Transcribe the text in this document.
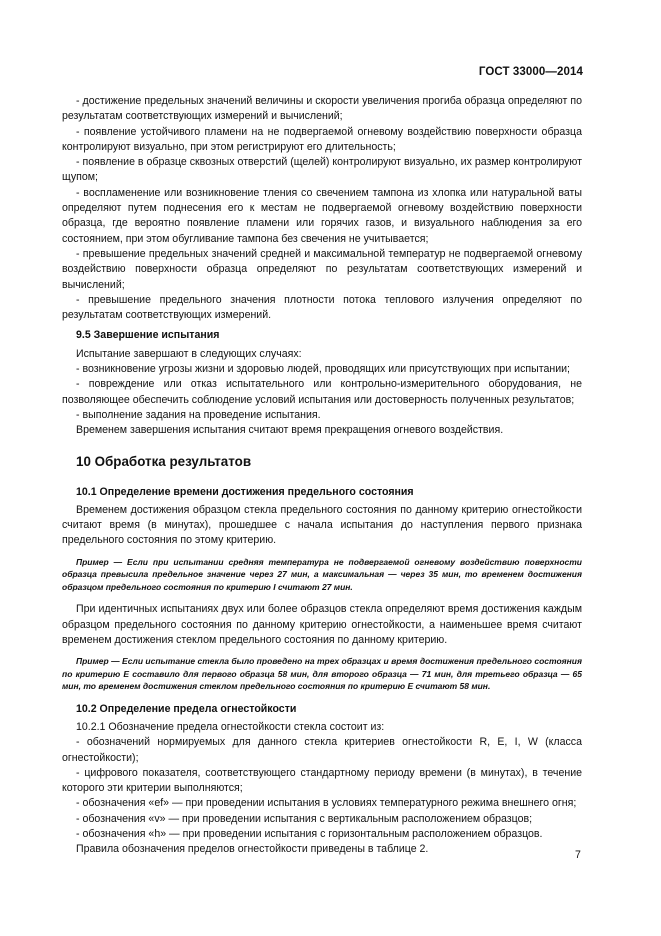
ГОСТ 33000—2014

- достижение предельных значений величины и скорости увеличения прогиба образца определяют по результатам соответствующих измерений и вычислений;

- появление устойчивого пламени на не подвергаемой огневому воздействию поверхности образца контролируют визуально, при этом регистрируют его длительность;

- появление в образце сквозных отверстий (щелей) контролируют визуально, их размер контролируют щупом;

- воспламенение или возникновение тления со свечением тампона из хлопка или натуральной ваты определяют путем поднесения его к местам не подвергаемой огневому воздействию поверхности образца, где вероятно появление пламени или горячих газов, и визуального наблюдения за его состоянием, при этом обугливание тампона без свечения не учитывается;

- превышение предельных значений средней и максимальной температур не подвергаемой огневому воздействию поверхности образца определяют по результатам соответствующих измерений и вычислений;

- превышение предельного значения плотности потока теплового излучения определяют по результатам соответствующих измерений.

9.5 Завершение испытания

Испытание завершают в следующих случаях:

- возникновение угрозы жизни и здоровью людей, проводящих или присутствующих при испытании;

- повреждение или отказ испытательного или контрольно-измерительного оборудования, не позволяющее обеспечить соблюдение условий испытания или достоверность полученных результатов;

- выполнение задания на проведение испытания.

Временем завершения испытания считают время прекращения огневого воздействия.

10 Обработка результатов
10.1 Определение времени достижения предельного состояния

Временем достижения образцом стекла предельного состояния по данному критерию огнестойкости считают время (в минутах), прошедшее с начала испытания до наступления первого признака предельного состояния по этому критерию.

Пример — Если при испытании средняя температура не подвергаемой огневому воздействию поверхности образца превысила предельное значение через 27 мин, а максимальная — через 35 мин, то временем достижения образцом предельного состояния по критерию I считают 27 мин.

При идентичных испытаниях двух или более образцов стекла определяют время достижения каждым образцом предельного состояния по данному критерию огнестойкости, а наименьшее время считают временем достижения стеклом предельного состояния по данному критерию.

Пример — Если испытание стекла было проведено на трех образцах и время достижения предельного состояния по критерию E составило для первого образца 58 мин, для второго образца — 71 мин, для третьего образца — 65 мин, то временем достижения стеклом предельного состояния по критерию E считают 58 мин.

10.2 Определение предела огнестойкости

10.2.1 Обозначение предела огнестойкости стекла состоит из:

- обозначений нормируемых для данного стекла критериев огнестойкости R, E, I, W (класса огнестойкости);

- цифрового показателя, соответствующего стандартному периоду времени (в минутах), в течение которого эти критерии выполняются;

- обозначения «ef» — при проведении испытания в условиях температурного режима внешнего огня;

- обозначения «v» — при проведении испытания с вертикальным расположением образцов;

- обозначения «h» — при проведении испытания с горизонтальным расположением образцов.

Правила обозначения пределов огнестойкости приведены в таблице 2.	7
